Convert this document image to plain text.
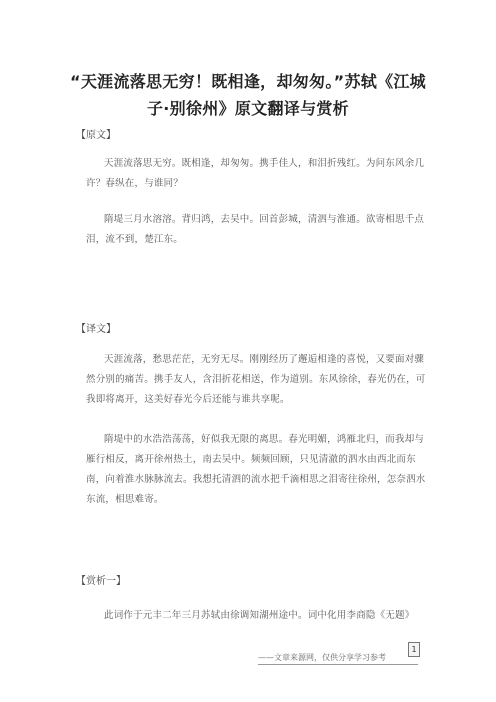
“天涯流落思无穷！既相逢，却匆匆。”苏轼《江城
子·别徐州》原文翻译与赏析
【原文】
天涯流落思无穷。既相逢，却匆匆。携手佳人，和泪折残红。为问东风余几许？春纵在，与谁同？
隋堤三月水溶溶。背归鸿，去吴中。回首彭城，清泗与淮通。欲寄相思千点泪，流不到，楚江东。
【译文】
天涯流落，愁思茫茫，无穷无尽。刚刚经历了邂逅相逢的喜悦，又要面对骤然分别的痛苦。携手友人，含泪折花相送，作为道别。东风徐徐，春光仍在，可我即将离开，这美好春光今后还能与谁共享呢。
隋堤中的水浩浩荡荡，好似我无限的离思。春光明媚，鸿雁北归，而我却与雁行相反，离开徐州热土，南去吴中。频频回顾，只见清澈的泗水由西北而东南，向着淮水脉脉流去。我想托清泗的流水把千滴相思之泪寄往徐州，怎奈泗水东流，相思难寄。
【赏析一】
此词作于元丰二年三月苏轼由徐调知湖州途中。词中化用李商隐《无题》
1
——文章来源网，仅供分享学习参考
